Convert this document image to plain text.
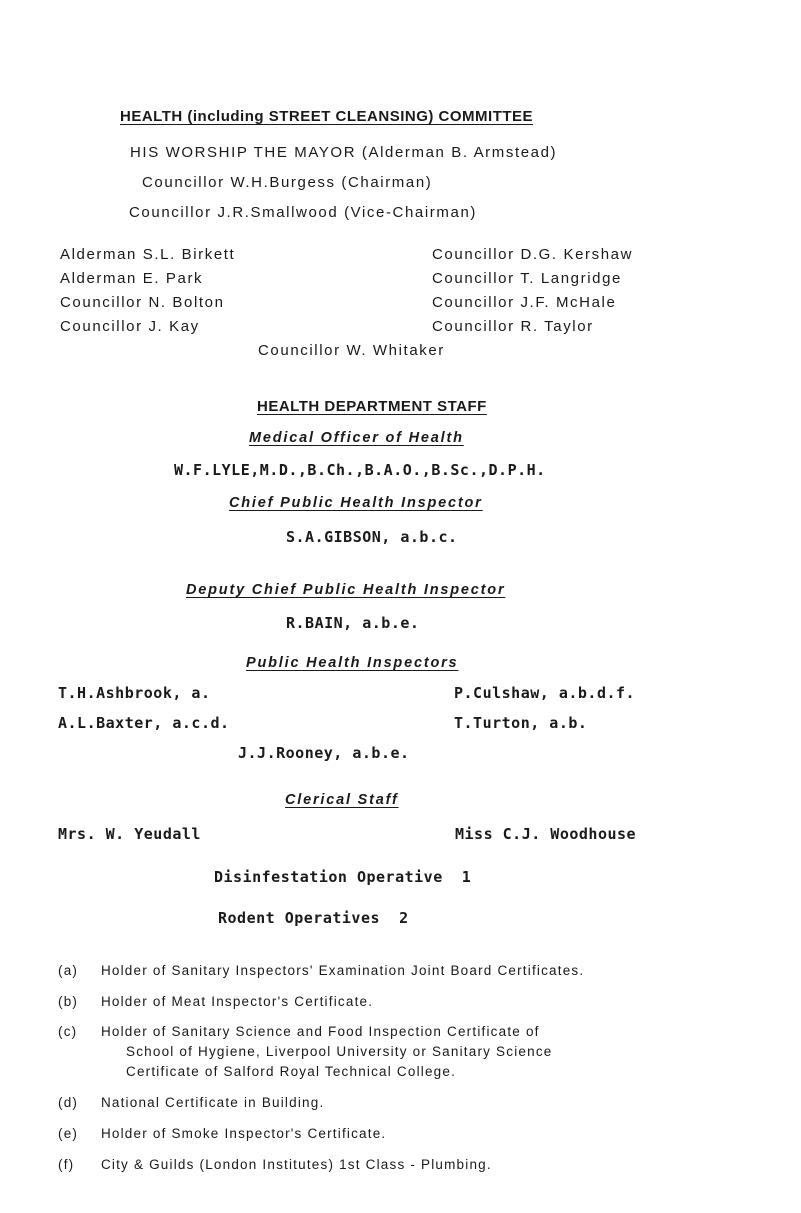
HEALTH (including STREET CLEANSING) COMMITTEE
HIS WORSHIP THE MAYOR (Alderman B. Armstead)
Councillor W.H.Burgess (Chairman)
Councillor J.R.Smallwood (Vice-Chairman)
Alderman S.L. Birkett
Alderman E. Park
Councillor N. Bolton
Councillor J. Kay
Councillor D.G. Kershaw
Councillor T. Langridge
Councillor J.F. McHale
Councillor R. Taylor
Councillor W. Whitaker
HEALTH DEPARTMENT STAFF
Medical Officer of Health
W.F.LYLE,M.D.,B.Ch.,B.A.O.,B.Sc.,D.P.H.
Chief Public Health Inspector
S.A.GIBSON, a.b.c.
Deputy Chief Public Health Inspector
R.BAIN, a.b.e.
Public Health Inspectors
T.H.Ashbrook, a.
A.L.Baxter, a.c.d.
P.Culshaw, a.b.d.f.
T.Turton, a.b.
J.J.Rooney, a.b.e.
Clerical Staff
Mrs. W. Yeudall	Miss C.J. Woodhouse
Disinfestation Operative  1
Rodent Operatives  2
(a) Holder of Sanitary Inspectors' Examination Joint Board Certificates.
(b) Holder of Meat Inspector's Certificate.
(c) Holder of Sanitary Science and Food Inspection Certificate of
School of Hygiene, Liverpool University or Sanitary Science
Certificate of Salford Royal Technical College.
(d) National Certificate in Building.
(e) Holder of Smoke Inspector's Certificate.
(f) City & Guilds (London Institutes) 1st Class - Plumbing.
